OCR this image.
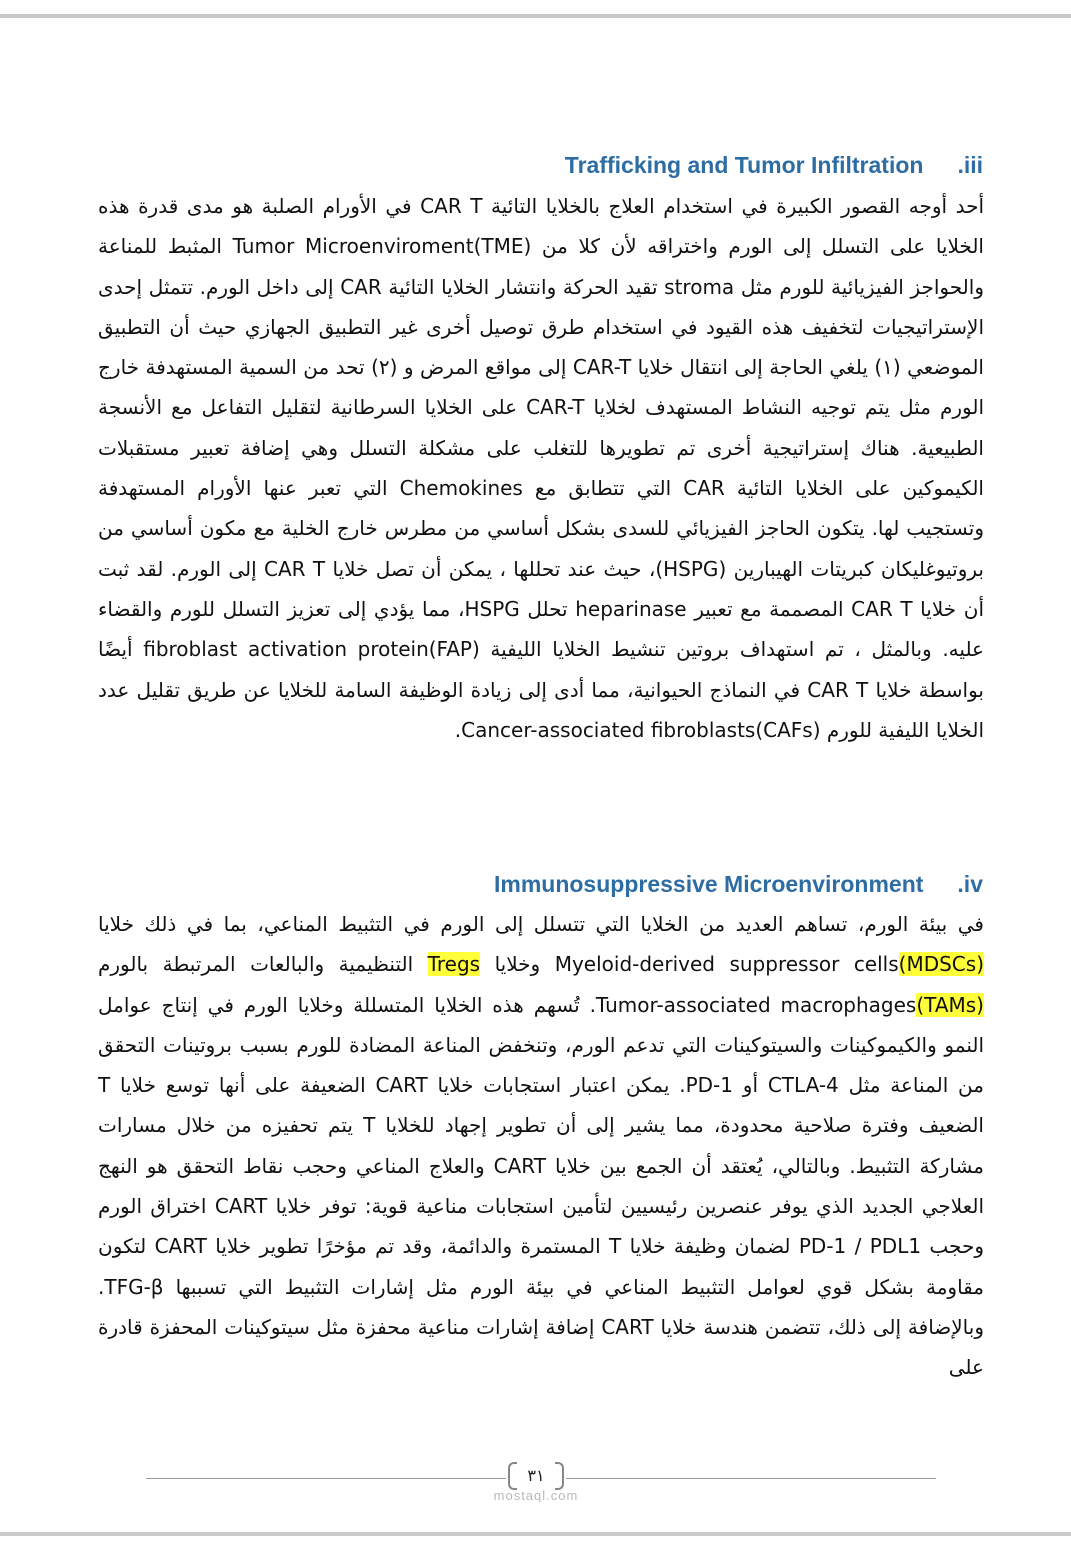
Trafficking and Tumor Infiltration .iii

أحد أوجه القصور الكبيرة في استخدام العلاج بالخلايا التائية CAR T في الأورام الصلبة هو مدى قدرة هذه الخلايا على التسلل إلى الورم واختراقه لأن كلا من Tumor Microenviroment(TME) المثبط للمناعة والحواجز الفيزيائية للورم مثل stroma تقيد الحركة وانتشار الخلايا التائية CAR إلى داخل الورم. تتمثل إحدى الإستراتيجيات لتخفيف هذه القيود في استخدام طرق توصيل أخرى غير التطبيق الجهازي حيث أن التطبيق الموضعي (١) يلغي الحاجة إلى انتقال خلايا CAR-T إلى مواقع المرض و (٢) تحد من السمية المستهدفة خارج الورم مثل يتم توجيه النشاط المستهدف لخلايا CAR-T على الخلايا السرطانية لتقليل التفاعل مع الأنسجة الطبيعية. هناك إستراتيجية أخرى تم تطويرها للتغلب على مشكلة التسلل وهي إضافة تعبير مستقبلات الكيموكين على الخلايا التائية CAR التي تتطابق مع Chemokines التي تعبر عنها الأورام المستهدفة وتستجيب لها. يتكون الحاجز الفيزيائي للسدى بشكل أساسي من مطرس خارج الخلية مع مكون أساسي من بروتيوغليكان كبريتات الهيبارين (HSPG)، حيث عند تحللها ، يمكن أن تصل خلايا CAR T إلى الورم. لقد ثبت أن خلايا CAR T المصممة مع تعبير heparinase تحلل HSPG، مما يؤدي إلى تعزيز التسلل للورم والقضاء عليه. وبالمثل ، تم استهداف بروتين تنشيط الخلايا الليفية fibroblast activation protein(FAP) أيضًا بواسطة خلايا CAR T في النماذج الحيوانية، مما أدى إلى زيادة الوظيفة السامة للخلايا عن طريق تقليل عدد الخلايا الليفية للورم Cancer-associated fibroblasts(CAFs).

Immunosuppressive Microenvironment .iv

في بيئة الورم، تساهم العديد من الخلايا التي تتسلل إلى الورم في التثبيط المناعي، بما في ذلك خلايا Myeloid-derived suppressor cells(MDSCs) وخلايا Tregs التنظيمية والبالعات المرتبطة بالورم Tumor-associated macrophages(TAMs). تُسهم هذه الخلايا المتسللة وخلايا الورم في إنتاج عوامل النمو والكيموكينات والسيتوكينات التي تدعم الورم، وتنخفض المناعة المضادة للورم بسبب بروتينات التحقق من المناعة مثل CTLA-4 أو PD-1. يمكن اعتبار استجابات خلايا CART الضعيفة على أنها توسع خلايا T الضعيف وفترة صلاحية محدودة، مما يشير إلى أن تطوير إجهاد للخلايا T يتم تحفيزه من خلال مسارات مشاركة التثبيط. وبالتالي، يُعتقد أن الجمع بين خلايا CART والعلاج المناعي وحجب نقاط التحقق هو النهج العلاجي الجديد الذي يوفر عنصرين رئيسيين لتأمين استجابات مناعية قوية: توفر خلايا CART اختراق الورم وحجب PD-1 / PDL1 لضمان وظيفة خلايا T المستمرة والدائمة، وقد تم مؤخرًا تطوير خلايا CART لتكون مقاومة بشكل قوي لعوامل التثبيط المناعي في بيئة الورم مثل إشارات التثبيط التي تسببها TFG-β. وبالإضافة إلى ذلك، تتضمن هندسة خلايا CART إضافة إشارات مناعية محفزة مثل سيتوكينات المحفزة قادرة على

٣١
mostaql.com
